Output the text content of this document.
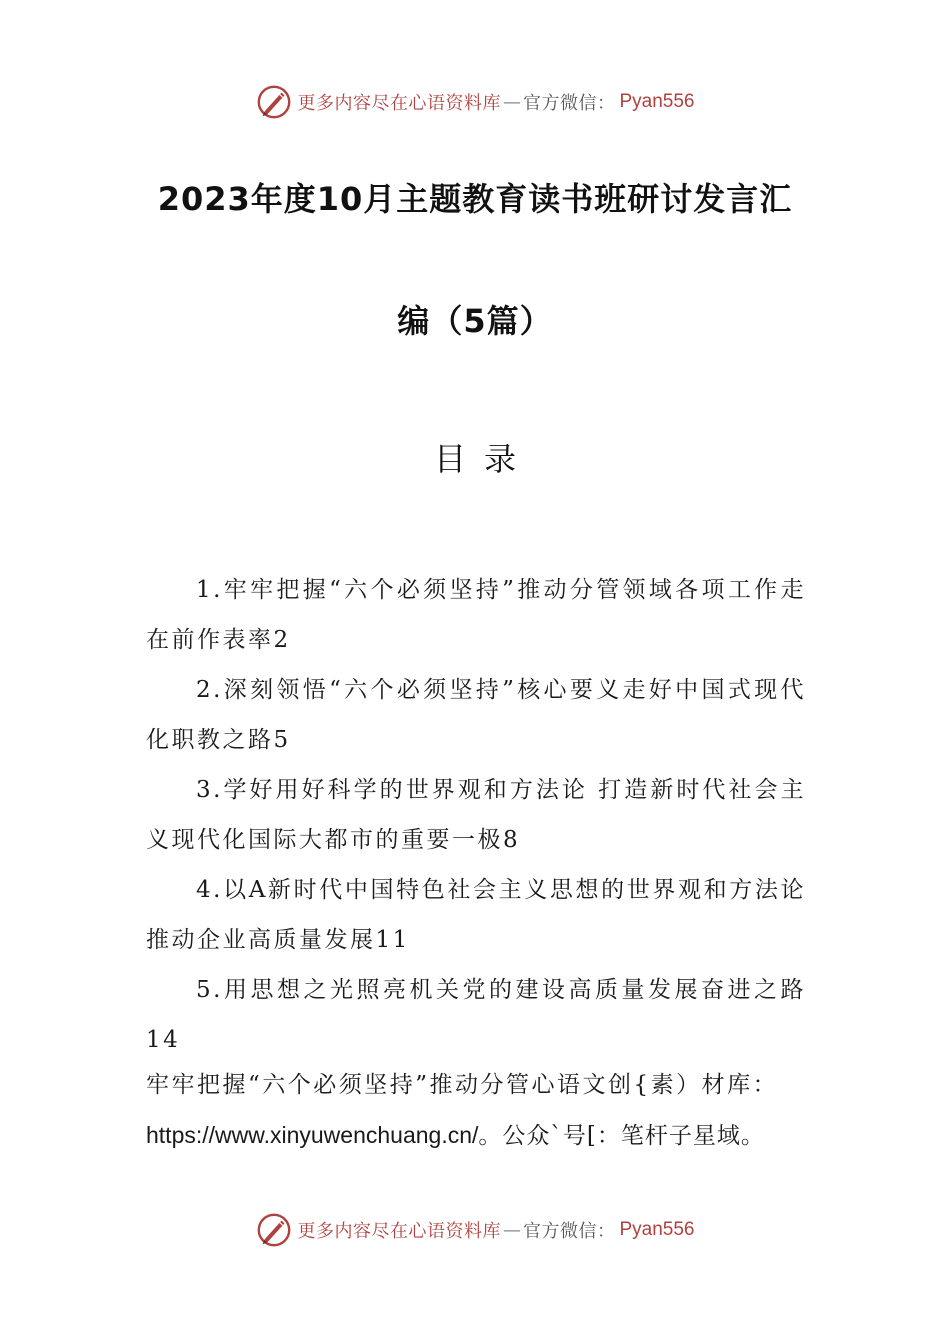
更多内容尽在心语资料库 — 官方微信： Pyan556
2023年度10月主题教育读书班研讨发言汇
编（5篇）
目录
1.牢牢把握“六个必须坚持”推动分管领域各项工作走在前作表率2
2.深刻领悟“六个必须坚持”核心要义走好中国式现代化职教之路5
3.学好用好科学的世界观和方法论 打造新时代社会主义现代化国际大都市的重要一极8
4.以A新时代中国特色社会主义思想的世界观和方法论推动企业高质量发展11
5.用思想之光照亮机关党的建设高质量发展奋进之路14
牢牢把握“六个必须坚持”推动分管心语文创{素）材库：
https://www.xinyuwenchuang.cn/。公众`号[：笔杆子星域。
更多内容尽在心语资料库 — 官方微信： Pyan556
